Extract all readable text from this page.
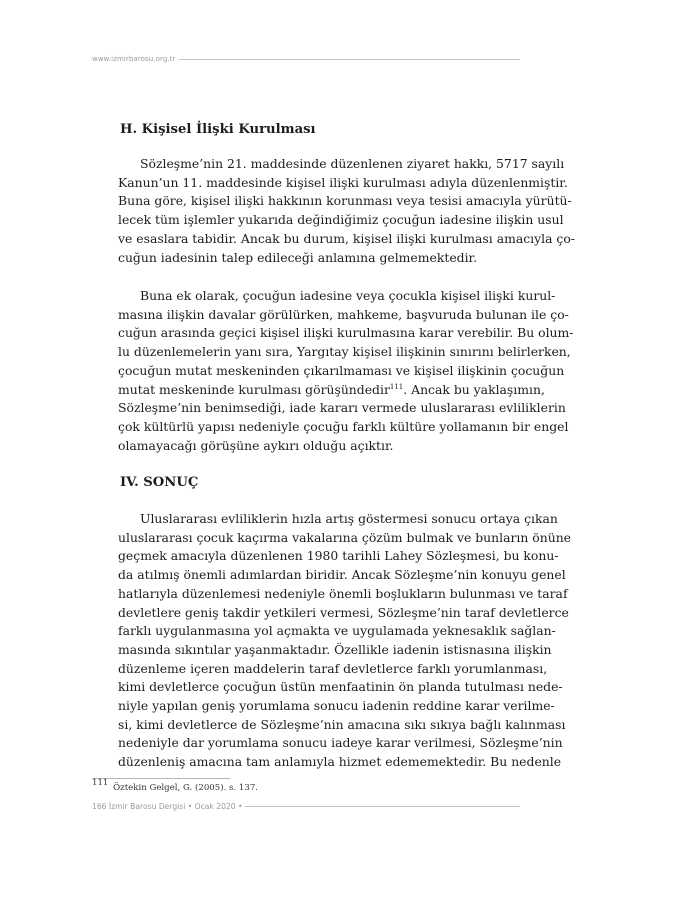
www.izmirbarosu.org.tr
H. Kişisel İlişki Kurulması

Sözleşme’nin 21. maddesinde düzenlenen ziyaret hakkı, 5717 sayılı
Kanun’un 11. maddesinde kişisel ilişki kurulması adıyla düzenlenmiştir.
Buna göre, kişisel ilişki hakkının korunması veya tesisi amacıyla yürütü-
lecek tüm işlemler yukarıda değindiğimiz çocuğun iadesine ilişkin usul
ve esaslara tabidir. Ancak bu durum, kişisel ilişki kurulması amacıyla ço-
cuğun iadesinin talep edileceği anlamına gelmemektedir.

Buna ek olarak, çocuğun iadesine veya çocukla kişisel ilişki kurul-
masına ilişkin davalar görülürken, mahkeme, başvuruda bulunan ile ço-
cuğun arasında geçici kişisel ilişki kurulmasına karar verebilir. Bu olum-
lu düzenlemelerin yanı sıra, Yargıtay kişisel ilişkinin sınırını belirlerken,
çocuğun mutat meskeninden çıkarılmaması ve kişisel ilişkinin çocuğun
mutat meskeninde kurulması görüşündedir$^{111}$. Ancak bu yaklaşımın,
Sözleşme’nin benimsediği, iade kararı vermede uluslararası evliliklerin
çok kültürlü yapısı nedeniyle çocuğu farklı kültüre yollamanın bir engel
olamayacağı görüşüne aykırı olduğu açıktır.

IV. SONUÇ

Uluslararası evliliklerin hızla artış göstermesi sonucu ortaya çıkan
uluslararası çocuk kaçırma vakalarına çözüm bulmak ve bunların önüne
geçmek amacıyla düzenlenen 1980 tarihli Lahey Sözleşmesi, bu konu-
da atılmış önemli adımlardan biridir. Ancak Sözleşme’nin konuyu genel
hatlarıyla düzenlemesi nedeniyle önemli boşlukların bulunması ve taraf
devletlere geniş takdir yetkileri vermesi, Sözleşme’nin taraf devletlerce
farklı uygulanmasına yol açmakta ve uygulamada yeknesaklık sağlan-
masında sıkıntılar yaşanmaktadır. Özellikle iadenin istisnasına ilişkin
düzenleme içeren maddelerin taraf devletlerce farklı yorumlanması,
kimi devletlerce çocuğun üstün menfaatinin ön planda tutulması nede-
niyle yapılan geniş yorumlama sonucu iadenin reddine karar verilme-
si, kimi devletlerce de Sözleşme’nin amacına sıkı sıkıya bağlı kalınması
nedeniyle dar yorumlama sonucu iadeye karar verilmesi, Sözleşme’nin
düzenleniş amacına tam anlamıyla hizmet edememektedir. Bu nedenle

$^{111}$ Öztekin Gelgel, G. (2005). s. 137.
166 İzmir Barosu Dergisi • Ocak 2020 •
